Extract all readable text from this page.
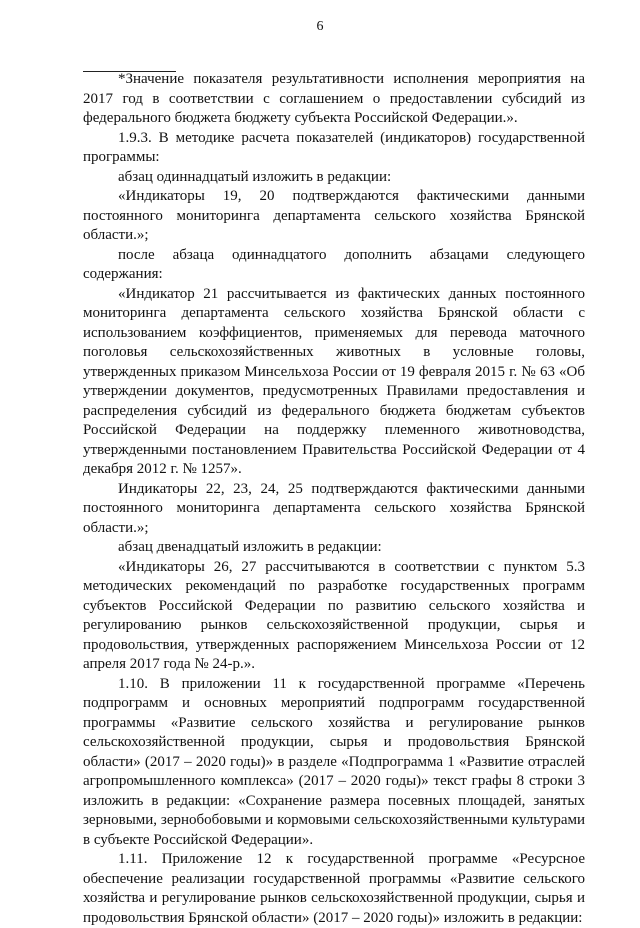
6

*Значение показателя результативности исполнения мероприятия на 2017 год в соответствии с соглашением о предоставлении субсидий из федерального бюджета бюджету субъекта Российской Федерации.».

1.9.3. В методике расчета показателей (индикаторов) государственной программы:

абзац одиннадцатый изложить в редакции:

«Индикаторы 19, 20 подтверждаются фактическими данными постоянного мониторинга департамента сельского хозяйства Брянской области.»;

после абзаца одиннадцатого дополнить абзацами следующего содержания:

«Индикатор 21 рассчитывается из фактических данных постоянного мониторинга департамента сельского хозяйства Брянской области с использованием коэффициентов, применяемых для перевода маточного поголовья сельскохозяйственных животных в условные головы, утвержденных приказом Минсельхоза России от 19 февраля 2015 г. № 63 «Об утверждении документов, предусмотренных Правилами предоставления и распределения субсидий из федерального бюджета бюджетам субъектов Российской Федерации на поддержку племенного животноводства, утвержденными постановлением Правительства Российской Федерации от 4 декабря 2012 г. № 1257».

Индикаторы 22, 23, 24, 25 подтверждаются фактическими данными постоянного мониторинга департамента сельского хозяйства Брянской области.»;

абзац двенадцатый изложить в редакции:

«Индикаторы 26, 27 рассчитываются в соответствии с пунктом 5.3 методических рекомендаций по разработке государственных программ субъектов Российской Федерации по развитию сельского хозяйства и регулированию рынков сельскохозяйственной продукции, сырья и продовольствия, утвержденных распоряжением Минсельхоза России от 12 апреля 2017 года № 24-р.».

1.10. В приложении 11 к государственной программе «Перечень подпрограмм и основных мероприятий подпрограмм государственной программы «Развитие сельского хозяйства и регулирование рынков сельскохозяйственной продукции, сырья и продовольствия Брянской области» (2017 – 2020 годы)» в разделе «Подпрограмма 1 «Развитие отраслей агропромышленного комплекса» (2017 – 2020 годы)» текст графы 8 строки 3 изложить в редакции: «Сохранение размера посевных площадей, занятых зерновыми, зернобобовыми и кормовыми сельскохозяйственными культурами в субъекте Российской Федерации».

1.11. Приложение 12 к государственной программе «Ресурсное обеспечение реализации государственной программы «Развитие сельского хозяйства и регулирование рынков сельскохозяйственной продукции, сырья и продовольствия Брянской области» (2017 – 2020 годы)» изложить в редакции:
